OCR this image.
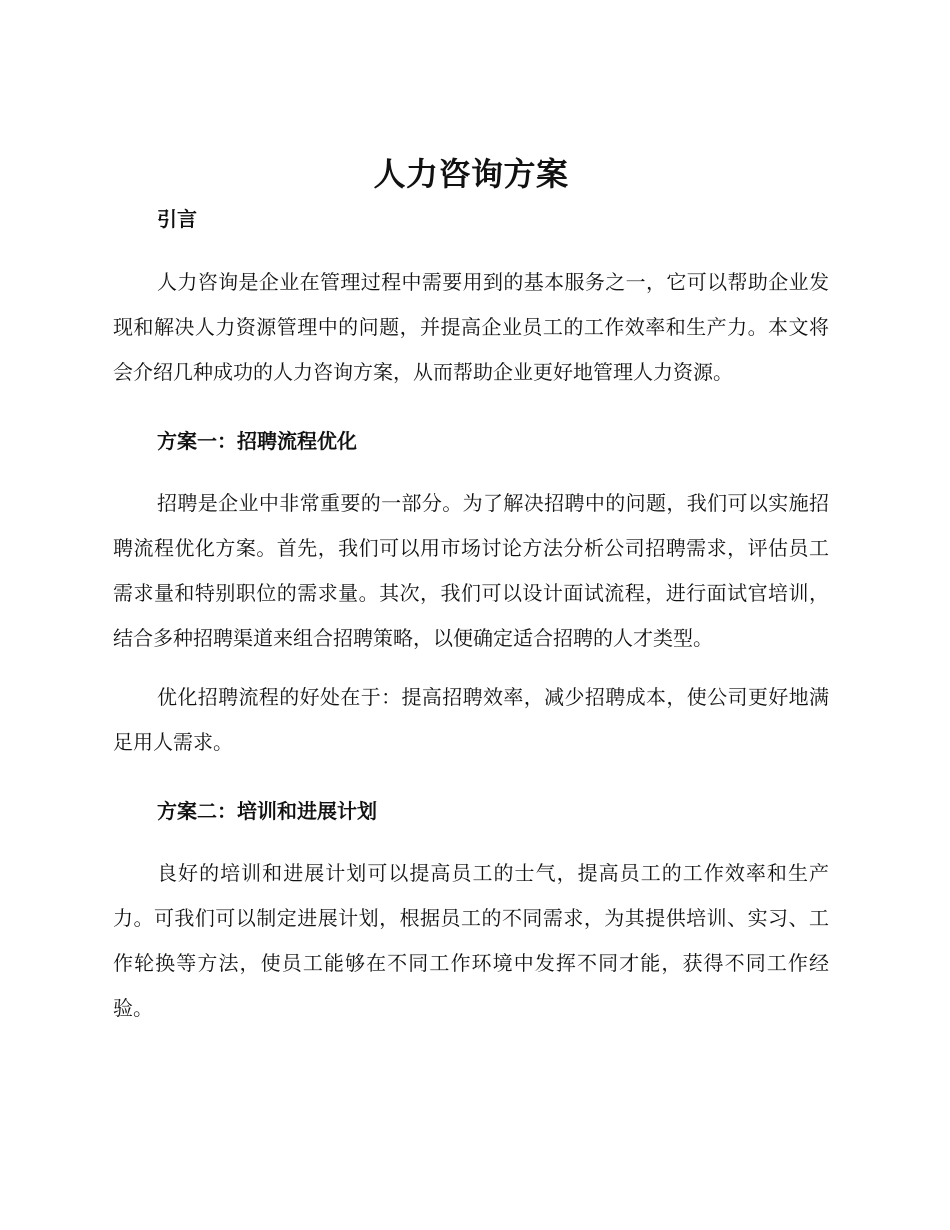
人力咨询方案
引言

人力咨询是企业在管理过程中需要用到的基本服务之一，它可以帮助企业发现和解决人力资源管理中的问题，并提高企业员工的工作效率和生产力。本文将会介绍几种成功的人力咨询方案，从而帮助企业更好地管理人力资源。

方案一：招聘流程优化

招聘是企业中非常重要的一部分。为了解决招聘中的问题，我们可以实施招聘流程优化方案。首先，我们可以用市场讨论方法分析公司招聘需求，评估员工需求量和特别职位的需求量。其次，我们可以设计面试流程，进行面试官培训，结合多种招聘渠道来组合招聘策略，以便确定适合招聘的人才类型。

优化招聘流程的好处在于：提高招聘效率，减少招聘成本，使公司更好地满足用人需求。

方案二：培训和进展计划

良好的培训和进展计划可以提高员工的士气，提高员工的工作效率和生产力。可我们可以制定进展计划，根据员工的不同需求，为其提供培训、实习、工作轮换等方法，使员工能够在不同工作环境中发挥不同才能，获得不同工作经验。
